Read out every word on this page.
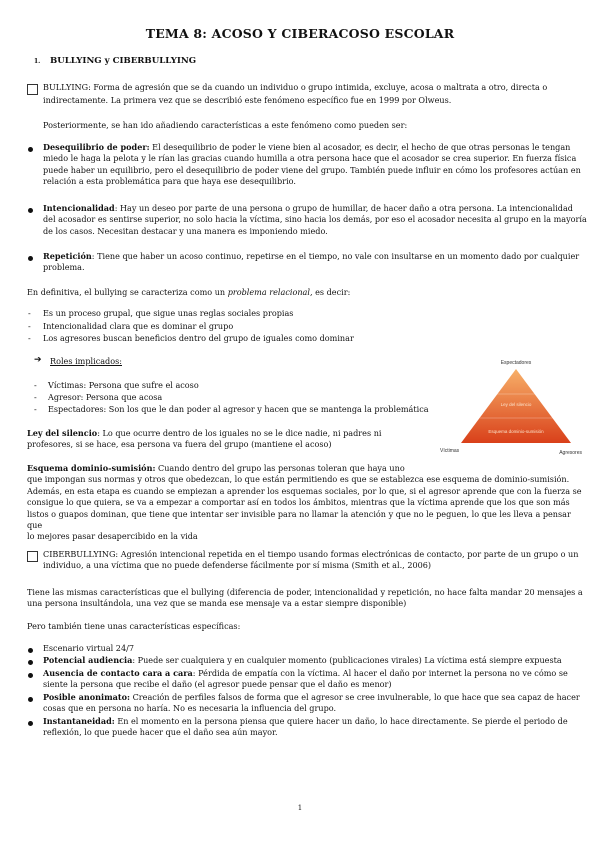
TEMA 8: ACOSO Y CIBERACOSO ESCOLAR
1. BULLYING y CIBERBULLYING
BULLYING: Forma de agresión que se da cuando un individuo o grupo intimida, excluye, acosa o maltrata a otro, directa o
indirectamente. La primera vez que se describió este fenómeno específico fue en 1999 por Olweus.
Posteriormente, se han ido añadiendo características a este fenómeno como pueden ser:
Desequilibrio de poder: El desequilibrio de poder le viene bien al acosador, es decir, el hecho de que otras personas le tengan
miedo le haga la pelota y le rían las gracias cuando humilla a otra persona hace que el acosador se crea superior. En fuerza física
puede haber un equilibrio, pero el desequilibrio de poder viene del grupo. También puede influir en cómo los profesores actúan en
relación a esta problemática para que haya ese desequilibrio.
Intencionalidad: Hay un deseo por parte de una persona o grupo de humillar, de hacer daño a otra persona. La intencionalidad
del acosador es sentirse superior, no solo hacia la víctima, sino hacia los demás, por eso el acosador necesita al grupo en la mayoría
de los casos. Necesitan destacar y una manera es imponiendo miedo.
Repetición: Tiene que haber un acoso continuo, repetirse en el tiempo, no vale con insultarse en un momento dado por cualquier
problema.
En definitiva, el bullying se caracteriza como un problema relacional, es decir:
- Es un proceso grupal, que sigue unas reglas sociales propias
- Intencionalidad clara que es dominar el grupo
- Los agresores buscan beneficios dentro del grupo de iguales como dominar
➔ Roles implicados:
- Víctimas: Persona que sufre el acoso
- Agresor: Persona que acosa
- Espectadores: Son los que le dan poder al agresor y hacen que se mantenga la problemática
Ley del silencio: Lo que ocurre dentro de los iguales no se le dice nadie, ni padres ni
profesores, si se hace, esa persona va fuera del grupo (mantiene el acoso)
Espectadores
Ley del silencio
Esquema dominio-sumisión
Víctimas	Agresores
Esquema dominio-sumisión: Cuando dentro del grupo las personas toleran que haya uno
que impongan sus normas y otros que obedezcan, lo que están permitiendo es que se establezca ese esquema de dominio-sumisión.
Además, en esta etapa es cuando se empiezan a aprender los esquemas sociales, por lo que, si el agresor aprende que con la fuerza se
consigue lo que quiera, se va a empezar a comportar así en todos los ámbitos, mientras que la víctima aprende que los que son más
listos o guapos dominan, que tiene que intentar ser invisible para no llamar la atención y que no le peguen, lo que les lleva a pensar que
lo mejores pasar desapercibido en la vida
CIBERBULLYING: Agresión intencional repetida en el tiempo usando formas electrónicas de contacto, por parte de un grupo o un
individuo, a una víctima que no puede defenderse fácilmente por sí misma (Smith et al., 2006)
Tiene las mismas características que el bullying (diferencia de poder, intencionalidad y repetición, no hace falta mandar 20 mensajes a
una persona insultándola, una vez que se manda ese mensaje va a estar siempre disponible)
Pero también tiene unas características específicas:
Escenario virtual 24/7
Potencial audiencia: Puede ser cualquiera y en cualquier momento (publicaciones virales) La víctima está siempre expuesta
Ausencia de contacto cara a cara: Pérdida de empatía con la víctima. Al hacer el daño por internet la persona no ve cómo se
siente la persona que recibe el daño (el agresor puede pensar que el daño es menor)
Posible anonimato: Creación de perfiles falsos de forma que el agresor se cree invulnerable, lo que hace que sea capaz de hacer
cosas que en persona no haría. No es necesaria la influencia del grupo.
Instantaneidad: En el momento en la persona piensa que quiere hacer un daño, lo hace directamente. Se pierde el periodo de
reflexión, lo que puede hacer que el daño sea aún mayor.
1
